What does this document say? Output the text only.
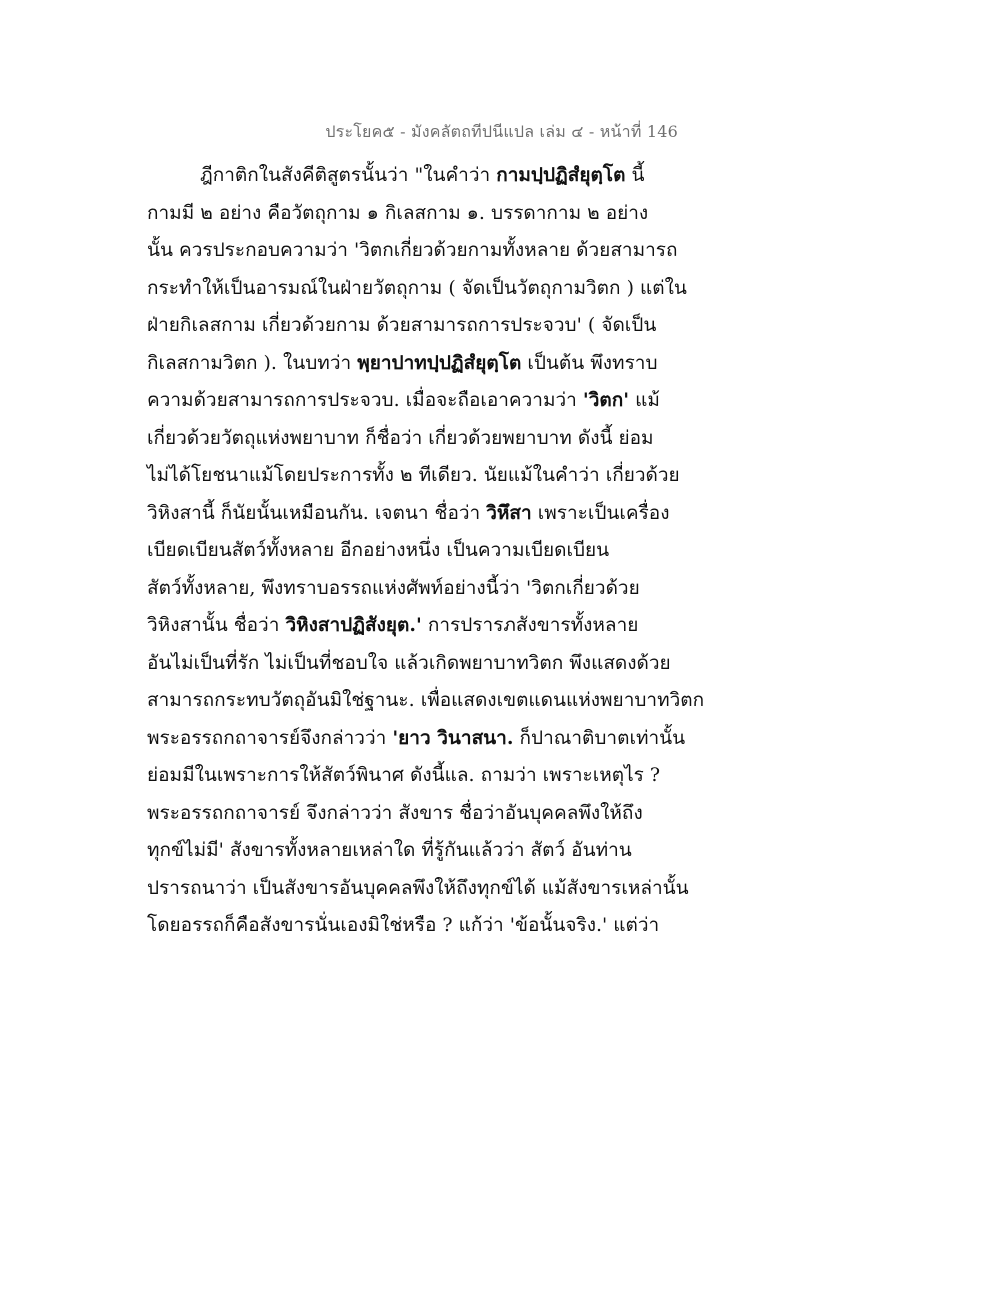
ประโยค๕ - มังคลัตถทีปนีแปล เล่ม ๔ - หน้าที่ 146
ฎีกาติกในสังคีติสูตรนั้นว่า "ในคำว่า กามปฺปฏิสํยุตฺโต นี้
กามมี ๒ อย่าง คือวัตถุกาม ๑ กิเลสกาม ๑. บรรดากาม ๒ อย่าง
นั้น ควรประกอบความว่า 'วิตกเกี่ยวด้วยกามทั้งหลาย ด้วยสามารถ
กระทำให้เป็นอารมณ์ในฝ่ายวัตถุกาม ( จัดเป็นวัตถุกามวิตก ) แต่ใน
ฝ่ายกิเลสกาม เกี่ยวด้วยกาม ด้วยสามารถการประจวบ' ( จัดเป็น
กิเลสกามวิตก ). ในบทว่า พฺยาปาทปฺปฏิสํยุตฺโต เป็นต้น พึงทราบ
ความด้วยสามารถการประจวบ. เมื่อจะถือเอาความว่า 'วิตก' แม้
เกี่ยวด้วยวัตถุแห่งพยาบาท ก็ชื่อว่า เกี่ยวด้วยพยาบาท ดังนี้ ย่อม
ไม่ได้โยชนาแม้โดยประการทั้ง ๒ ทีเดียว. นัยแม้ในคำว่า เกี่ยวด้วย
วิหิงสานี้ ก็นัยนั้นเหมือนกัน. เจตนา ชื่อว่า วิหึสา เพราะเป็นเครื่อง
เบียดเบียนสัตว์ทั้งหลาย อีกอย่างหนึ่ง เป็นความเบียดเบียน
สัตว์ทั้งหลาย, พึงทราบอรรถแห่งศัพท์อย่างนี้ว่า 'วิตกเกี่ยวด้วย
วิหิงสานั้น ชื่อว่า วิหิงสาปฏิสังยุต.' การปรารภสังขารทั้งหลาย
อันไม่เป็นที่รัก ไม่เป็นที่ชอบใจ แล้วเกิดพยาบาทวิตก พึงแสดงด้วย
สามารถกระทบวัตถุอันมิใช่ฐานะ. เพื่อแสดงเขตแดนแห่งพยาบาทวิตก
พระอรรถกถาจารย์จึงกล่าวว่า 'ยาว วินาสนา. ก็ปาณาติบาตเท่านั้น
ย่อมมีในเพราะการให้สัตว์พินาศ ดังนี้แล. ถามว่า เพราะเหตุไร ?
พระอรรถกถาจารย์ จึงกล่าวว่า สังขาร ชื่อว่าอันบุคคลพึงให้ถึง
ทุกข์ไม่มี' สังขารทั้งหลายเหล่าใด ที่รู้กันแล้วว่า สัตว์ อันท่าน
ปรารถนาว่า เป็นสังขารอันบุคคลพึงให้ถึงทุกข์ได้ แม้สังขารเหล่านั้น
โดยอรรถก็คือสังขารนั่นเองมิใช่หรือ ? แก้ว่า 'ข้อนั้นจริง.' แต่ว่า
